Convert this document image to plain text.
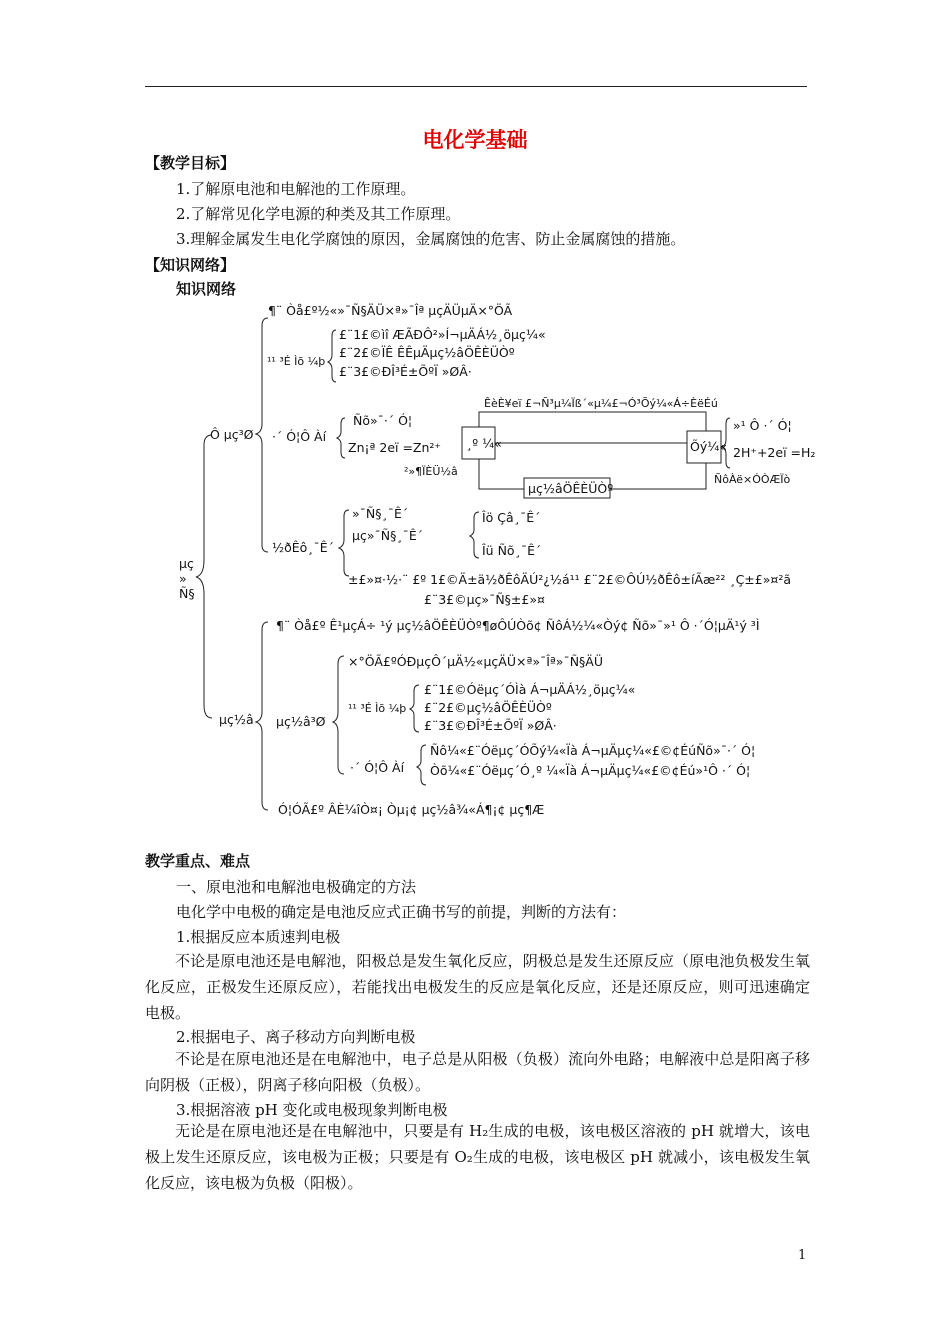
电化学基础
【教学目标】
1.了解原电池和电解池的工作原理。
2.了解常见化学电源的种类及其工作原理。
3.理解金属发生电化学腐蚀的原因，金属腐蚀的危害、防止金属腐蚀的措施。
【知识网络】
知识网络
µç
»
Ñ§
Ô µç³Ø
¶¨ Òå£º½«»¯Ñ§ÄÜ×ª»¯Îª µçÄÜµÄ×°ÖÃ
¹¹ ³É Ìõ ¼þ
£¨1£©ìî ÆÃÐÔ²»Í¬µÄÁ½¸öµç¼«
£¨2£©ÏÊ ÊÊµÄµç½âÖÊÈÜÒº
£¨3£©ÐÎ³É±ÕºÏ »ØÂ·
·´ Ó¦Ô Àí
Ñõ»¯·´ Ó¦
Zn¡ª 2eï =Zn²⁺
ÊèÈ¥eï £¬Ñ³µ¼Ïß´«µ¼£¬Ó³Õý¼«Á÷ÈëÉú
¸º ¼«	Õý¼«
²»¶ÏÈÜ½â
µç½âÖÊÈÜÒº
»¹ Ô ·´ Ó¦
2H⁺+2eï =H₂
ÑôÀë×ÓÒÆÏò
½ðÊô¸¯Ê´
»¯Ñ§¸¯Ê´
µç»¯Ñ§¸¯Ê´
Îö Çâ¸¯Ê´
Îü Ñõ¸¯Ê´
±£»¤·½·¨ £º 1£©Ä±ä½ðÊôÄÚ²¿½á¹¹ £¨2£©ÔÚ½ðÊô±íÃæ²² ¸Ç±£»¤²ã
£¨3£©µç»¯Ñ§±£»¤
µç½â
¶¨ Òå£º Ê¹µçÁ÷ ¹ý µç½âÖÊÈÜÒº¶øÔÚÒõ¢ ÑôÁ½¼«Òý¢ Ñõ»¯»¹ Ô ·´Ó¦µÄ¹ý ³Ì
µç½â³Ø
×°ÖÃ£ºÓÐµçÔ´µÄ½«µçÄÜ×ª»¯Îª»¯Ñ§ÄÜ
¹¹ ³É Ìõ ¼þ
£¨1£©Óëµç´ÓÌà Á¬µÄÁ½¸öµç¼«
£¨2£©µç½âÖÊÈÜÒº
£¨3£©ÐÎ³É±ÕºÏ »ØÂ·
·´ Ó¦Ô Àí
Ñô¼«£¨Óëµç´ÓÕý¼«Ïà Á¬µÄµç¼«£©¢ÉúÑõ»¯·´ Ó¦
Òõ¼«£¨Óëµç´Ó¸º ¼«Ïà Á¬µÄµç¼«£©¢Éú»¹Ô ·´ Ó¦
Ó¦ÓÃ£º ÂÈ¼îÒ¤¡ Òµ¡¢ µç½â¾«Á¶¡¢ µç¶Æ
教学重点、难点
一、原电池和电解池电极确定的方法
电化学中电极的确定是电池反应式正确书写的前提，判断的方法有：
1.根据反应本质速判电极
不论是原电池还是电解池，阳极总是发生氧化反应，阴极总是发生还原反应（原电池负极发生氧化反应，正极发生还原反应），若能找出电极发生的反应是氧化反应，还是还原反应，则可迅速确定电极。
2.根据电子、离子移动方向判断电极
不论是在原电池还是在电解池中，电子总是从阳极（负极）流向外电路；电解液中总是阳离子移向阴极（正极），阴离子移向阳极（负极）。
3.根据溶液 pH 变化或电极现象判断电极
无论是在原电池还是在电解池中，只要是有 H₂生成的电极，该电极区溶液的 pH 就增大，该电极上发生还原反应，该电极为正极；只要是有 O₂生成的电极，该电极区 pH 就减小，该电极发生氧化反应，该电极为负极（阳极）。
1
